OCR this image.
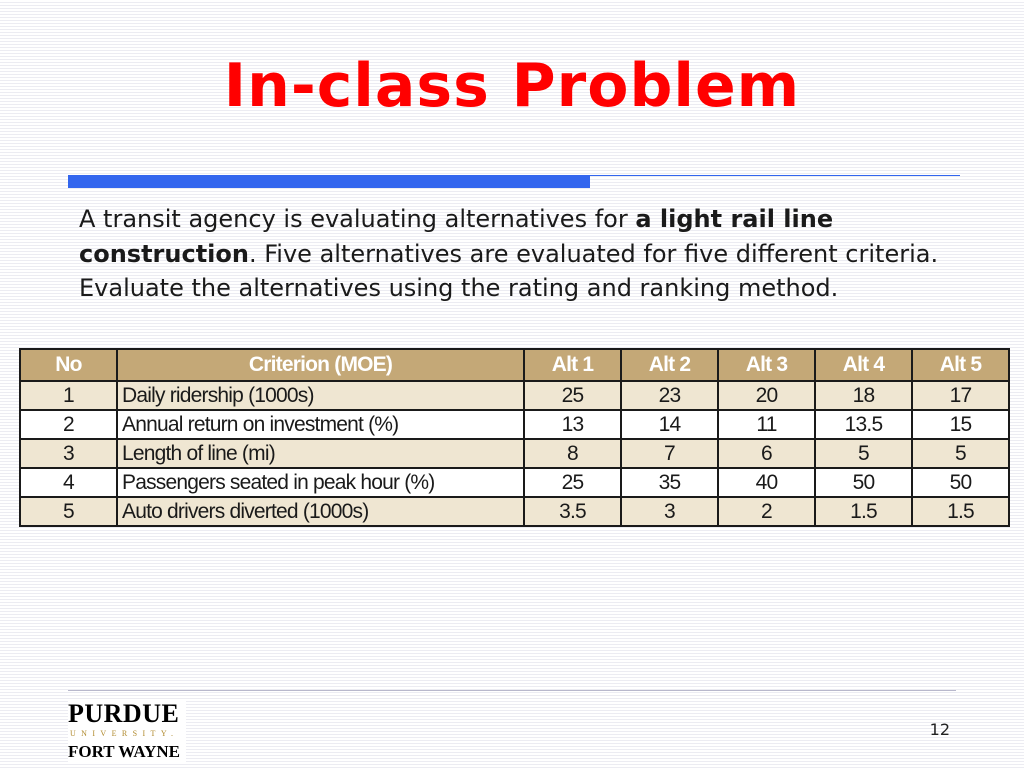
In-class Problem

A transit agency is evaluating alternatives for a light rail line construction. Five alternatives are evaluated for five different criteria. Evaluate the alternatives using the rating and ranking method.

No	Criterion (MOE)	Alt 1	Alt 2	Alt 3	Alt 4	Alt 5
1	Daily ridership (1000s)	25	23	20	18	17
2	Annual return on investment (%)	13	14	11	13.5	15
3	Length of line (mi)	8	7	6	5	5
4	Passengers seated in peak hour (%)	25	35	40	50	50
5	Auto drivers diverted (1000s)	3.5	3	2	1.5	1.5
PURDUE
UNIVERSITY.
FORT WAYNE
12
